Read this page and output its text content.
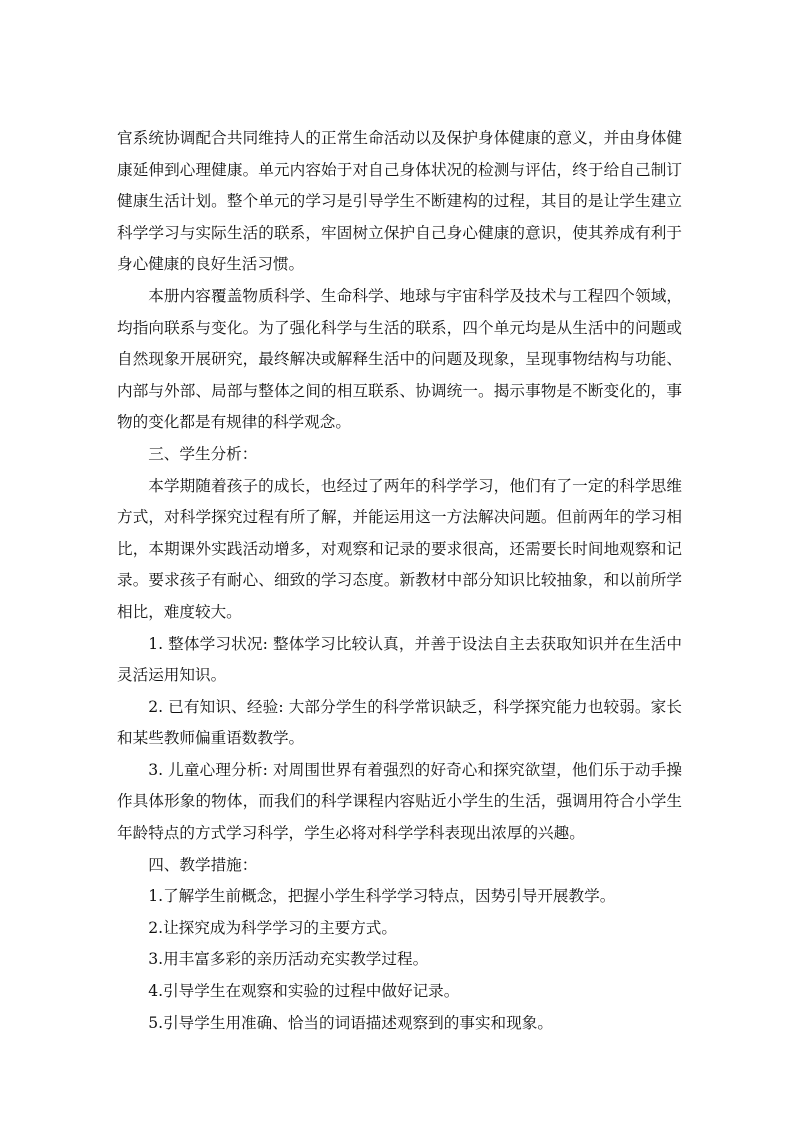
官系统协调配合共同维持人的正常生命活动以及保护身体健康的意义，并由身体健康延伸到心理健康。单元内容始于对自己身体状况的检测与评估，终于给自己制订健康生活计划。整个单元的学习是引导学生不断建构的过程，其目的是让学生建立科学学习与实际生活的联系，牢固树立保护自己身心健康的意识，使其养成有利于身心健康的良好生活习惯。

本册内容覆盖物质科学、生命科学、地球与宇宙科学及技术与工程四个领域，均指向联系与变化。为了强化科学与生活的联系，四个单元均是从生活中的问题或自然现象开展研究，最终解决或解释生活中的问题及现象，呈现事物结构与功能、内部与外部、局部与整体之间的相互联系、协调统一。揭示事物是不断变化的，事物的变化都是有规律的科学观念。

三、学生分析：

本学期随着孩子的成长，也经过了两年的科学学习，他们有了一定的科学思维方式，对科学探究过程有所了解，并能运用这一方法解决问题。但前两年的学习相比，本期课外实践活动增多，对观察和记录的要求很高，还需要长时间地观察和记录。要求孩子有耐心、细致的学习态度。新教材中部分知识比较抽象，和以前所学相比，难度较大。

1. 整体学习状况: 整体学习比较认真，并善于设法自主去获取知识并在生活中灵活运用知识。

2. 已有知识、经验: 大部分学生的科学常识缺乏，科学探究能力也较弱。家长和某些教师偏重语数教学。

3. 儿童心理分析: 对周围世界有着强烈的好奇心和探究欲望，他们乐于动手操作具体形象的物体，而我们的科学课程内容贴近小学生的生活，强调用符合小学生年龄特点的方式学习科学，学生必将对科学学科表现出浓厚的兴趣。

四、教学措施：

1.了解学生前概念，把握小学生科学学习特点，因势引导开展教学。

2.让探究成为科学学习的主要方式。

3.用丰富多彩的亲历活动充实教学过程。

4.引导学生在观察和实验的过程中做好记录。

5.引导学生用准确、恰当的词语描述观察到的事实和现象。
